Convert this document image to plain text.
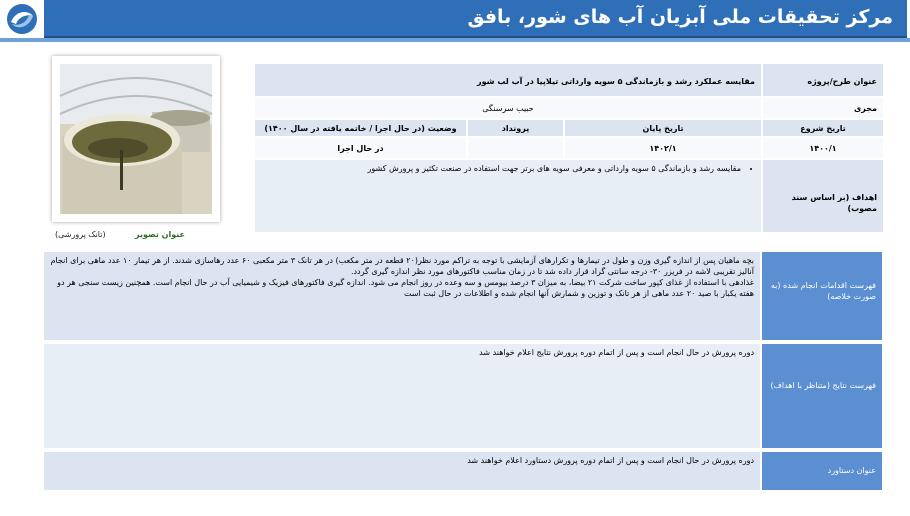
مرکز تحقیقات ملی آبزیان آب های شور، بافق
عنوان تصویر
(تانک پرورشی)
عنوان طرح/پروژه
مقایسه عملکرد رشد و بازماندگی ۵ سویه وارداتی تیلاپیا در آب لب شور
مجری
حبیب سرسنگی
تاریخ شروع
تاریخ پایان
پرونداد
وضعیت (در حال اجرا / خاتمه یافته در سال ۱۴۰۰)
۱۴۰۰/۱
۱۴۰۲/۱
در حال اجرا
اهداف (بر اساس سند مصوب)
• مقایسه رشد و بازماندگی ۵ سویه وارداتی و معرفی سویه های برتر جهت استفاده در صنعت تکثیر و پرورش کشور
فهرست اقدامات انجام شده (به صورت خلاصه)
بچه ماهیان پس از اندازه گیری وزن و طول در تیمارها و تکرارهای آزمایشی با توجه به تراکم مورد نظر(۲۰ قطعه در متر مکعب) در هر تانک ۳ متر مکعبی ۶۰ عدد رهاسازی شدند. از هر تیمار ۱۰ عدد ماهی برای انجام آنالیز تقریبی لاشه در فریزر ۳۰- درجه سانتی گراد قرار داده شد تا در زمان مناسب فاکتورهای مورد نظر اندازه گیری گردد.
غذادهی با استفاده از غذای کپور ساخت شرکت ۲۱ بیضا، به میزان ۳ درصد بیومس و سه وعده در روز انجام می شود. اندازه گیری فاکتورهای فیزیک و شیمیایی آب در حال انجام است. همچنین زیست سنجی هر دو هفته یکبار با صید ۲۰ عدد ماهی از هر تانک و توزین و شمارش آنها انجام شده و اطلاعات در حال ثبت است
فهرست نتایج (متناظر با اهداف)
دوره پرورش در حال انجام است و پس از اتمام دوره پرورش نتایج اعلام خواهند شد
عنوان دستاورد
دوره پرورش در حال انجام است و پس از اتمام دوره پرورش دستاورد اعلام خواهند شد
